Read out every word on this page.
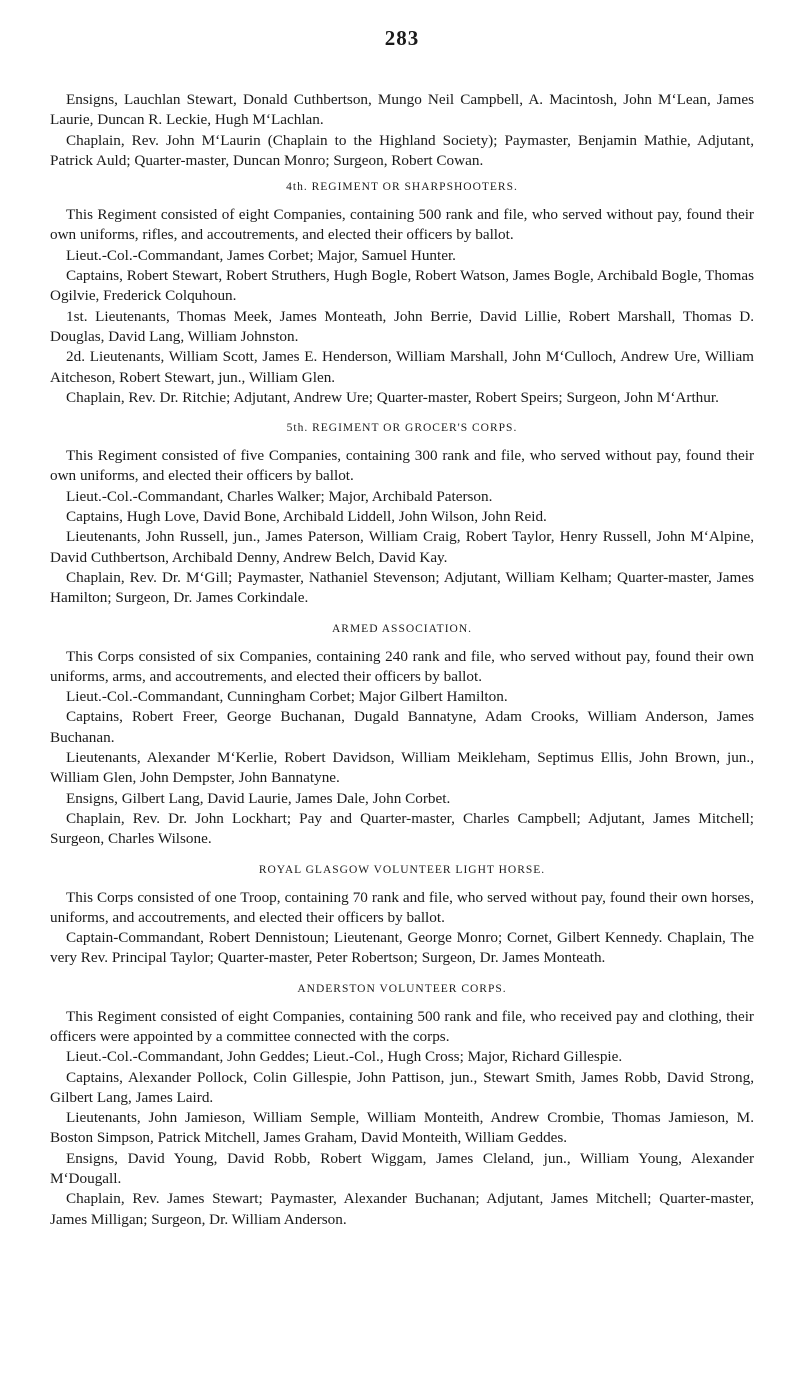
283

Ensigns, Lauchlan Stewart, Donald Cuthbertson, Mungo Neil Campbell, A. Macintosh, John M‘Lean, James Laurie, Duncan R. Leckie, Hugh M‘Lachlan.

Chaplain, Rev. John M‘Laurin (Chaplain to the Highland Society); Paymaster, Benjamin Mathie, Adjutant, Patrick Auld; Quarter-master, Duncan Monro; Surgeon, Robert Cowan.

4th. REGIMENT OR SHARPSHOOTERS.

This Regiment consisted of eight Companies, containing 500 rank and file, who served without pay, found their own uniforms, rifles, and accoutrements, and elected their officers by ballot.

Lieut.-Col.-Commandant, James Corbet; Major, Samuel Hunter.

Captains, Robert Stewart, Robert Struthers, Hugh Bogle, Robert Watson, James Bogle, Archibald Bogle, Thomas Ogilvie, Frederick Colquhoun.

1st. Lieutenants, Thomas Meek, James Monteath, John Berrie, David Lillie, Robert Marshall, Thomas D. Douglas, David Lang, William Johnston.

2d. Lieutenants, William Scott, James E. Henderson, William Marshall, John M‘Culloch, Andrew Ure, William Aitcheson, Robert Stewart, jun., William Glen.

Chaplain, Rev. Dr. Ritchie; Adjutant, Andrew Ure; Quarter-master, Robert Speirs; Surgeon, John M‘Arthur.

5th. REGIMENT OR GROCER'S CORPS.

This Regiment consisted of five Companies, containing 300 rank and file, who served without pay, found their own uniforms, and elected their officers by ballot.

Lieut.-Col.-Commandant, Charles Walker; Major, Archibald Paterson.

Captains, Hugh Love, David Bone, Archibald Liddell, John Wilson, John Reid.

Lieutenants, John Russell, jun., James Paterson, William Craig, Robert Taylor, Henry Russell, John M‘Alpine, David Cuthbertson, Archibald Denny, Andrew Belch, David Kay.

Chaplain, Rev. Dr. M‘Gill; Paymaster, Nathaniel Stevenson; Adjutant, William Kelham; Quarter-master, James Hamilton; Surgeon, Dr. James Corkindale.

ARMED ASSOCIATION.

This Corps consisted of six Companies, containing 240 rank and file, who served without pay, found their own uniforms, arms, and accoutrements, and elected their officers by ballot.

Lieut.-Col.-Commandant, Cunningham Corbet; Major Gilbert Hamilton.

Captains, Robert Freer, George Buchanan, Dugald Bannatyne, Adam Crooks, William Anderson, James Buchanan.

Lieutenants, Alexander M‘Kerlie, Robert Davidson, William Meikleham, Septimus Ellis, John Brown, jun., William Glen, John Dempster, John Bannatyne.

Ensigns, Gilbert Lang, David Laurie, James Dale, John Corbet.

Chaplain, Rev. Dr. John Lockhart; Pay and Quarter-master, Charles Campbell; Adjutant, James Mitchell; Surgeon, Charles Wilsone.

ROYAL GLASGOW VOLUNTEER LIGHT HORSE.

This Corps consisted of one Troop, containing 70 rank and file, who served without pay, found their own horses, uniforms, and accoutrements, and elected their officers by ballot.

Captain-Commandant, Robert Dennistoun; Lieutenant, George Monro; Cornet, Gilbert Kennedy. Chaplain, The very Rev. Principal Taylor; Quarter-master, Peter Robertson; Surgeon, Dr. James Monteath.

ANDERSTON VOLUNTEER CORPS.

This Regiment consisted of eight Companies, containing 500 rank and file, who received pay and clothing, their officers were appointed by a committee connected with the corps.

Lieut.-Col.-Commandant, John Geddes; Lieut.-Col., Hugh Cross; Major, Richard Gillespie.

Captains, Alexander Pollock, Colin Gillespie, John Pattison, jun., Stewart Smith, James Robb, David Strong, Gilbert Lang, James Laird.

Lieutenants, John Jamieson, William Semple, William Monteith, Andrew Crombie, Thomas Jamieson, M. Boston Simpson, Patrick Mitchell, James Graham, David Monteith, William Geddes.

Ensigns, David Young, David Robb, Robert Wiggam, James Cleland, jun., William Young, Alexander M‘Dougall.

Chaplain, Rev. James Stewart; Paymaster, Alexander Buchanan; Adjutant, James Mitchell; Quarter-master, James Milligan; Surgeon, Dr. William Anderson.
